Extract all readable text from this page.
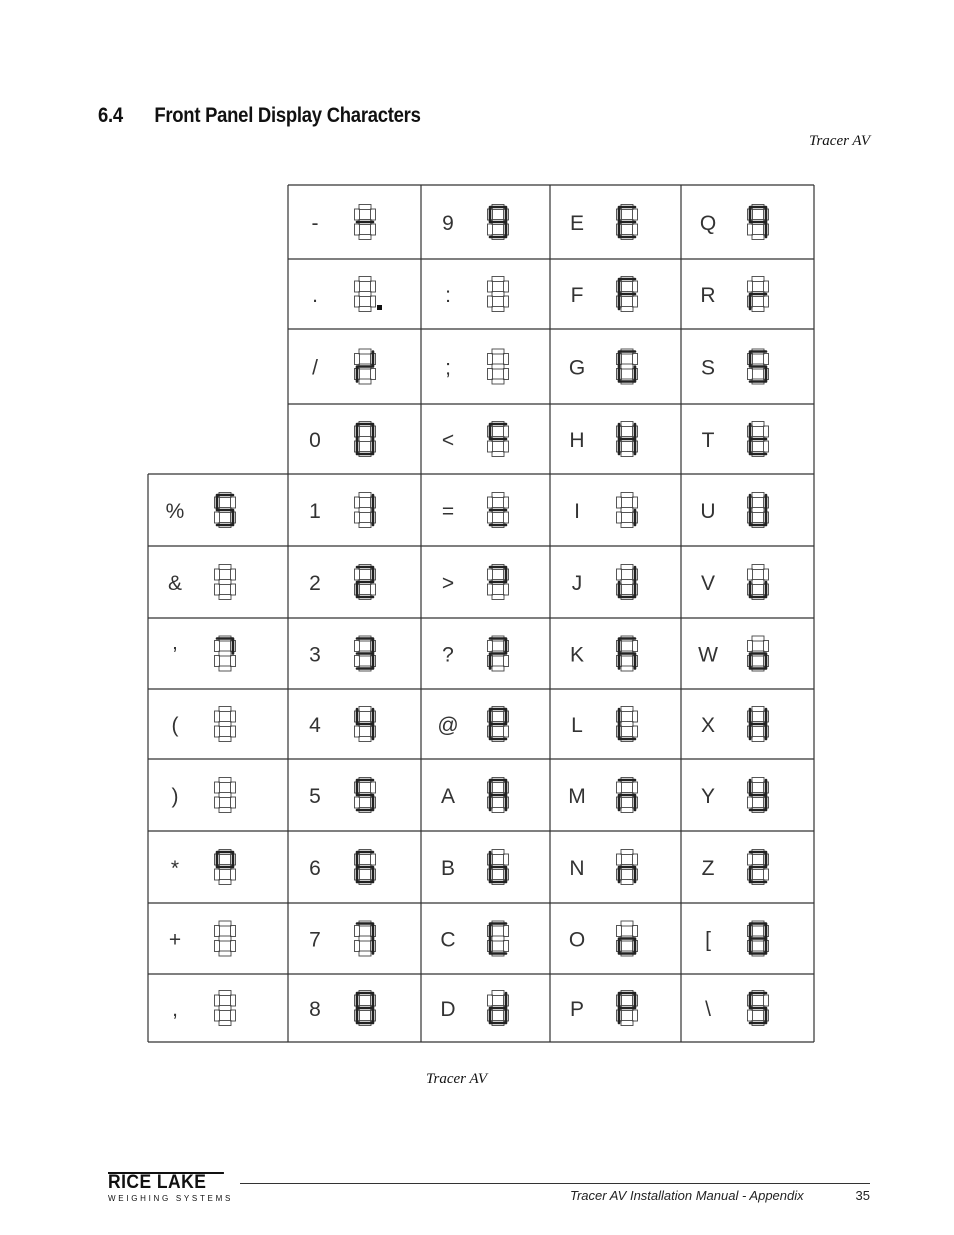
6.4 Front Panel Display Characters
Tracer AV
%
&
’
(
)
*
+
,
-
.
/
0
1
2
3
4
5
6
7
8
9
:
;
<
=
>
?
@
A
B
C
D
E
F
G
H
I
J
K
L
M
N
O
P
Q
R
S
T
U
V
W
X
Y
Z
[
\
Tracer AV
RICE LAKE
WEIGHING SYSTEMS	Tracer AV Installation Manual - Appendix	35
